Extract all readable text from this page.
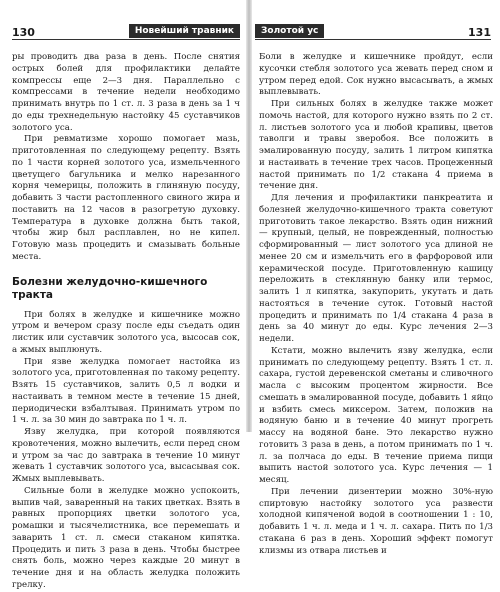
130	Новейший травник

ры проводить два раза в день. После снятия острых болей для профилактики делайте компрессы еще 2—3 дня. Параллельно с компрессами в течение недели необходимо принимать внутрь по 1 ст. л. 3 раза в день за 1 ч до еды трехнедельную настойку 45 суставчиков золотого уса.

При ревматизме хорошо помогает мазь, приготовленная по следующему рецепту. Взять по 1 части корней золотого уса, измельченного цветущего багульника и мелко нарезанного корня чемерицы, положить в глиняную посуду, добавить 3 части растопленного свиного жира и поставить на 12 часов в разогретую духовку. Температура в духовке должна быть такой, чтобы жир был расплавлен, но не кипел. Готовую мазь процедить и смазывать больные места.

Болезни желудочно-кишечного тракта

При болях в желудке и кишечнике можно утром и вечером сразу после еды съедать один листик или суставчик золотого уса, высосав сок, а жмых выплюнуть.

При язве желудка помогает настойка из золотого уса, приготовленная по такому рецепту. Взять 15 суставчиков, залить 0,5 л водки и настаивать в темном месте в течение 15 дней, периодически взбалтывая. Принимать утром по 1 ч. л. за 30 мин до завтрака по 1 ч. л.

Язву желудка, при которой появляются кровотечения, можно вылечить, если перед сном и утром за час до завтрака в течение 10 минут жевать 1 суставчик золотого уса, высасывая сок. Жмых выплевывать.

Сильные боли в желудке можно успокоить, выпив чай, заваренный на таких цветках. Взять в равных пропорциях цветки золотого уса, ромашки и тысячелистника, все перемешать и заварить 1 ст. л. смеси стаканом кипятка. Процедить и пить 3 раза в день. Чтобы быстрее снять боль, можно через каждые 20 минут в течение дня и на область желудка положить грелку.

Золотой ус	131

Боли в желудке и кишечнике пройдут, если кусочки стебля золотого уса жевать перед сном и утром перед едой. Сок нужно высасывать, а жмых выплевывать.

При сильных болях в желудке также может помочь настой, для которого нужно взять по 2 ст. л. листьев золотого уса и любой крапивы, цветов таволги и травы зверобоя. Все положить в эмалированную посуду, залить 1 литром кипятка и настаивать в течение трех часов. Процеженный настой принимать по 1/2 стакана 4 приема в течение дня.

Для лечения и профилактики панкреатита и болезней желудочно-кишечного тракта советуют приготовить такое лекарство. Взять один нижний — крупный, целый, не поврежденный, полностью сформированный — лист золотого уса длиной не менее 20 см и измельчить его в фарфоровой или керамической посуде. Приготовленную кашицу переложить в стеклянную банку или термос, залить 1 л кипятка, закупорить, укутать и дать настояться в течение суток. Готовый настой процедить и принимать по 1/4 стакана 4 раза в день за 40 минут до еды. Курс лечения 2—3 недели.

Кстати, можно вылечить язву желудка, если принимать по следующему рецепту. Взять 1 ст. л. сахара, густой деревенской сметаны и сливочного масла с высоким процентом жирности. Все смешать в эмалированной посуде, добавить 1 яйцо и взбить смесь миксером. Затем, положив на водяную баню и в течение 40 минут прогреть массу на водяной бане. Это лекарство нужно готовить 3 раза в день, а потом принимать по 1 ч. л. за полчаса до еды. В течение приема пищи выпить настой золотого уса. Курс лечения — 1 месяц.

При лечении дизентерии можно 30%-ную спиртовую настойку золотого уса развести холодной кипяченой водой в соотношении 1 : 10, добавить 1 ч. л. меда и 1 ч. л. сахара. Пить по 1/3 стакана 6 раз в день. Хороший эффект помогут клизмы из отвара листьев и
